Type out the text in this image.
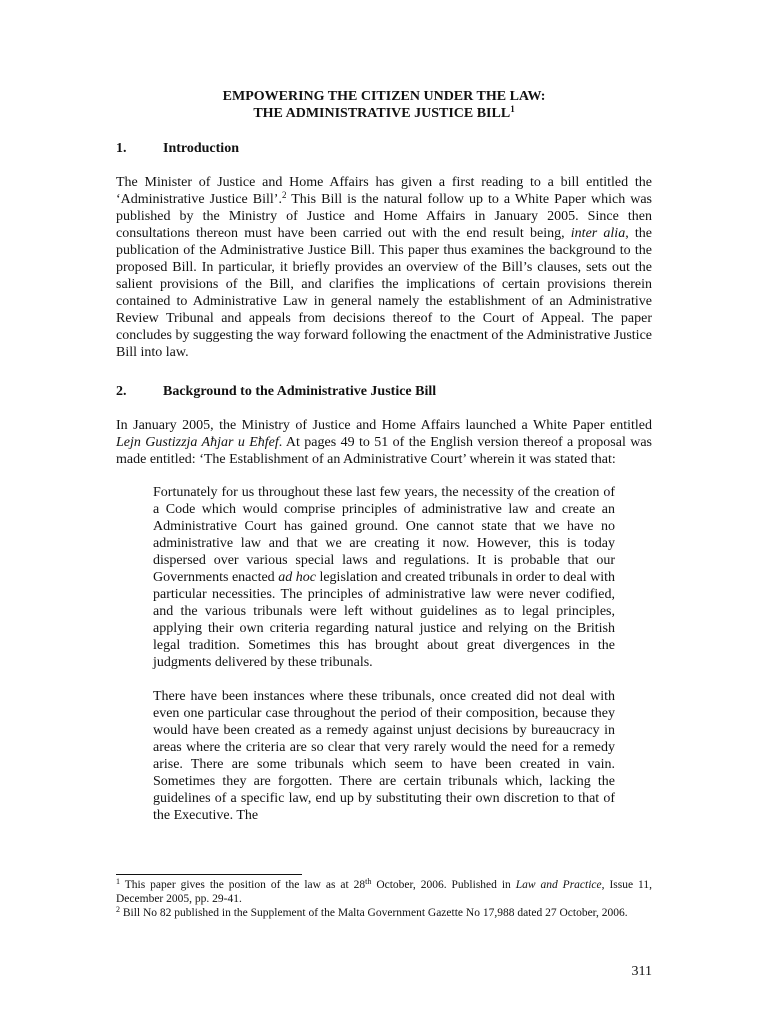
EMPOWERING THE CITIZEN UNDER THE LAW:
THE ADMINISTRATIVE JUSTICE BILL$^1$
1.	Introduction
The Minister of Justice and Home Affairs has given a first reading to a bill entitled the ‘Administrative Justice Bill’.$^2$ This Bill is the natural follow up to a White Paper which was published by the Ministry of Justice and Home Affairs in January 2005. Since then consultations thereon must have been carried out with the end result being, inter alia, the publication of the Administrative Justice Bill. This paper thus examines the background to the proposed Bill. In particular, it briefly provides an overview of the Bill’s clauses, sets out the salient provisions of the Bill, and clarifies the implications of certain provisions therein contained to Administrative Law in general namely the establishment of an Administrative Review Tribunal and appeals from decisions thereof to the Court of Appeal. The paper concludes by suggesting the way forward following the enactment of the Administrative Justice Bill into law.
2.	Background to the Administrative Justice Bill
In January 2005, the Ministry of Justice and Home Affairs launched a White Paper entitled Lejn Gustizzja Aħjar u Eħfef. At pages 49 to 51 of the English version thereof a proposal was made entitled: ‘The Establishment of an Administrative Court’ wherein it was stated that:
Fortunately for us throughout these last few years, the necessity of the creation of a Code which would comprise principles of administrative law and create an Administrative Court has gained ground. One cannot state that we have no administrative law and that we are creating it now. However, this is today dispersed over various special laws and regulations. It is probable that our Governments enacted ad hoc legislation and created tribunals in order to deal with particular necessities. The principles of administrative law were never codified, and the various tribunals were left without guidelines as to legal principles, applying their own criteria regarding natural justice and relying on the British legal tradition. Sometimes this has brought about great divergences in the judgments delivered by these tribunals.
There have been instances where these tribunals, once created did not deal with even one particular case throughout the period of their composition, because they would have been created as a remedy against unjust decisions by bureaucracy in areas where the criteria are so clear that very rarely would the need for a remedy arise. There are some tribunals which seem to have been created in vain. Sometimes they are forgotten. There are certain tribunals which, lacking the guidelines of a specific law, end up by substituting their own discretion to that of the Executive. The
$^1$ This paper gives the position of the law as at 28th October, 2006. Published in Law and Practice, Issue 11, December 2005, pp. 29-41.
$^2$ Bill No 82 published in the Supplement of the Malta Government Gazette No 17,988 dated 27 October, 2006.
311
